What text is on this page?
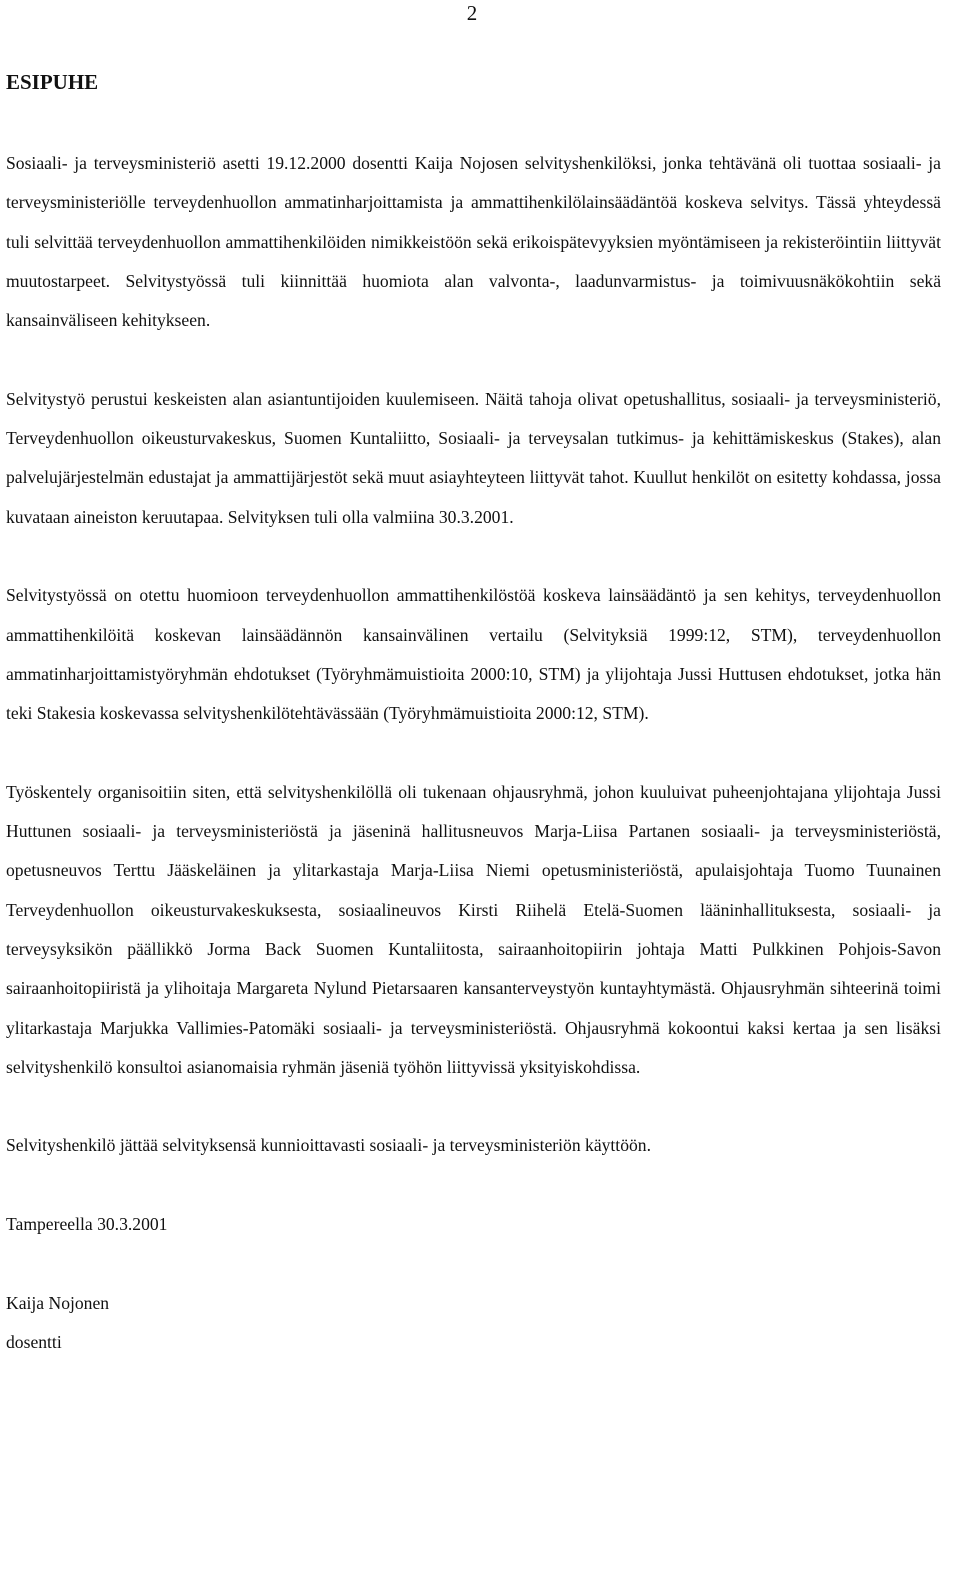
2
ESIPUHE

Sosiaali- ja terveysministeriö asetti 19.12.2000 dosentti Kaija Nojosen selvityshenkilöksi, jonka tehtävänä oli tuottaa sosiaali- ja terveysministeriölle terveydenhuollon ammatinharjoittamista ja ammattihenkilölainsäädäntöä koskeva selvitys. Tässä yhteydessä tuli selvittää terveydenhuollon ammattihenkilöiden nimikkeistöön sekä erikoispätevyyksien myöntämiseen ja rekisteröintiin liittyvät muutostarpeet. Selvitystyössä tuli kiinnittää huomiota alan valvonta-, laadunvarmistus- ja toimivuusnäkökohtiin sekä kansainväliseen kehitykseen.

Selvitystyö perustui keskeisten alan asiantuntijoiden kuulemiseen. Näitä tahoja olivat opetushallitus, sosiaali- ja terveysministeriö, Terveydenhuollon oikeusturvakeskus, Suomen Kuntaliitto, Sosiaali- ja terveysalan tutkimus- ja kehittämiskeskus (Stakes), alan palvelujärjestelmän edustajat ja ammattijärjestöt sekä muut asiayhteyteen liittyvät tahot. Kuullut henkilöt on esitetty kohdassa, jossa kuvataan aineiston keruutapaa. Selvityksen tuli olla valmiina 30.3.2001.

Selvitystyössä on otettu huomioon terveydenhuollon ammattihenkilöstöä koskeva lainsäädäntö ja sen kehitys, terveydenhuollon ammattihenkilöitä koskevan lainsäädännön kansainvälinen vertailu (Selvityksiä 1999:12, STM), terveydenhuollon ammatinharjoittamistyöryhmän ehdotukset (Työryhmämuistioita 2000:10, STM) ja ylijohtaja Jussi Huttusen ehdotukset, jotka hän teki Stakesia koskevassa selvityshenkilötehtävässään (Työryhmämuistioita 2000:12, STM).

Työskentely organisoitiin siten, että selvityshenkilöllä oli tukenaan ohjausryhmä, johon kuuluivat puheenjohtajana ylijohtaja Jussi Huttunen sosiaali- ja terveysministeriöstä ja jäseninä hallitusneuvos Marja-Liisa Partanen sosiaali- ja terveysministeriöstä, opetusneuvos Terttu Jääskeläinen ja ylitarkastaja Marja-Liisa Niemi opetusministeriöstä, apulaisjohtaja Tuomo Tuunainen Terveydenhuollon oikeusturvakeskuksesta, sosiaalineuvos Kirsti Riihelä Etelä-Suomen lääninhallituksesta, sosiaali- ja terveysyksikön päällikkö Jorma Back Suomen Kuntaliitosta, sairaanhoitopiirin johtaja Matti Pulkkinen Pohjois-Savon sairaanhoitopiiristä ja ylihoitaja Margareta Nylund Pietarsaaren kansanterveystyön kuntayhtymästä. Ohjausryhmän sihteerinä toimi ylitarkastaja Marjukka Vallimies-Patomäki sosiaali- ja terveysministeriöstä. Ohjausryhmä kokoontui kaksi kertaa ja sen lisäksi selvityshenkilö konsultoi asianomaisia ryhmän jäseniä työhön liittyvissä yksityiskohdissa.

Selvityshenkilö jättää selvityksensä kunnioittavasti sosiaali- ja terveysministeriön käyttöön.

Tampereella 30.3.2001

Kaija Nojonen

dosentti
